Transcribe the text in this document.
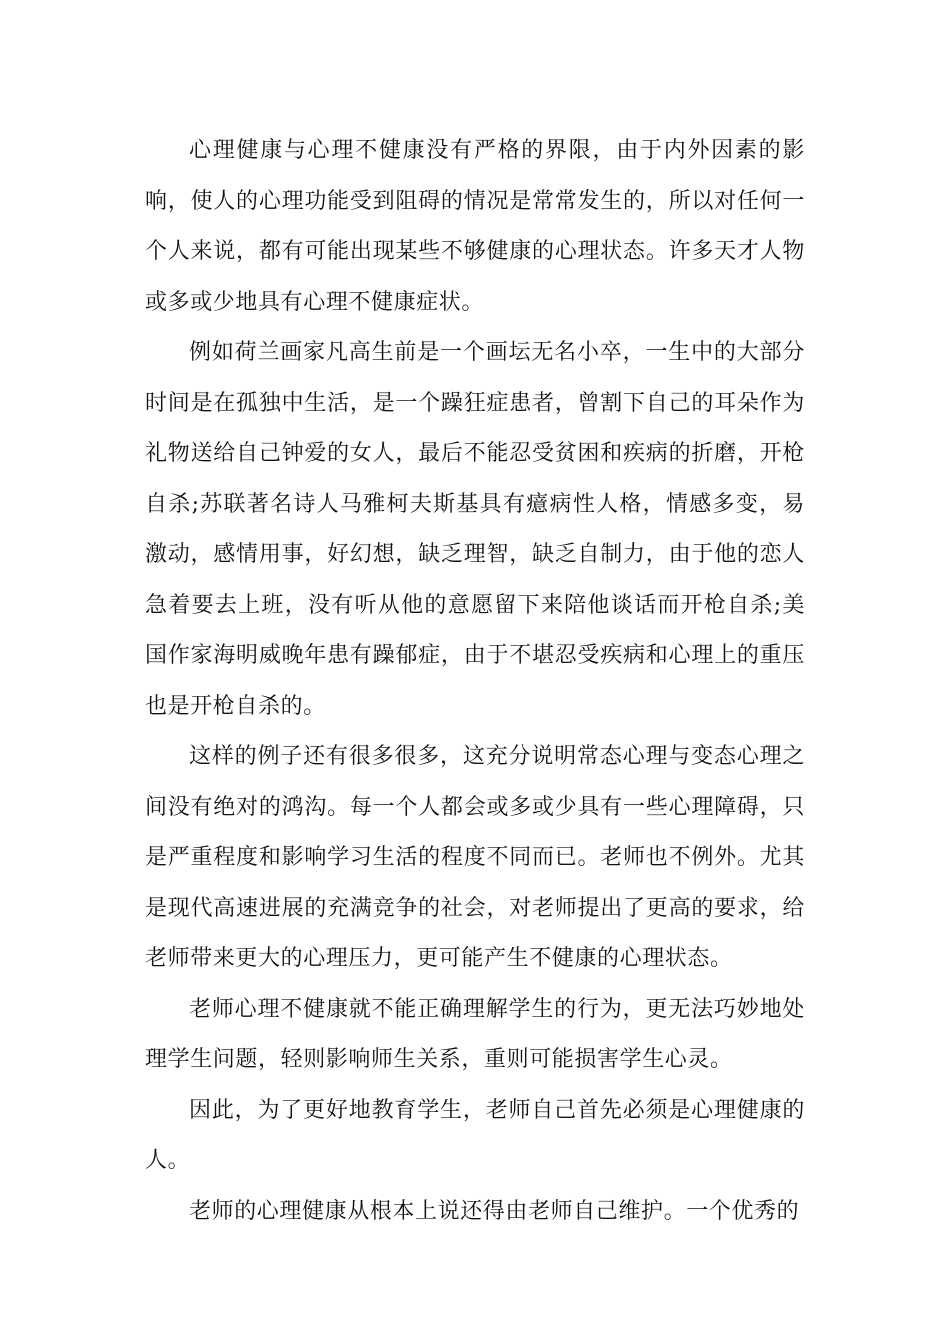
心理健康与心理不健康没有严格的界限，由于内外因素的影响，使人的心理功能受到阻碍的情况是常常发生的，所以对任何一个人来说，都有可能出现某些不够健康的心理状态。许多天才人物或多或少地具有心理不健康症状。

例如荷兰画家凡高生前是一个画坛无名小卒，一生中的大部分时间是在孤独中生活，是一个躁狂症患者，曾割下自己的耳朵作为礼物送给自己钟爱的女人，最后不能忍受贫困和疾病的折磨，开枪自杀;苏联著名诗人马雅柯夫斯基具有癔病性人格，情感多变，易激动，感情用事，好幻想，缺乏理智，缺乏自制力，由于他的恋人急着要去上班，没有听从他的意愿留下来陪他谈话而开枪自杀;美国作家海明威晚年患有躁郁症，由于不堪忍受疾病和心理上的重压也是开枪自杀的。

这样的例子还有很多很多，这充分说明常态心理与变态心理之间没有绝对的鸿沟。每一个人都会或多或少具有一些心理障碍，只是严重程度和影响学习生活的程度不同而已。老师也不例外。尤其是现代高速进展的充满竞争的社会，对老师提出了更高的要求，给老师带来更大的心理压力，更可能产生不健康的心理状态。

老师心理不健康就不能正确理解学生的行为，更无法巧妙地处理学生问题，轻则影响师生关系，重则可能损害学生心灵。

因此，为了更好地教育学生，老师自己首先必须是心理健康的人。

老师的心理健康从根本上说还得由老师自己维护。一个优秀的
